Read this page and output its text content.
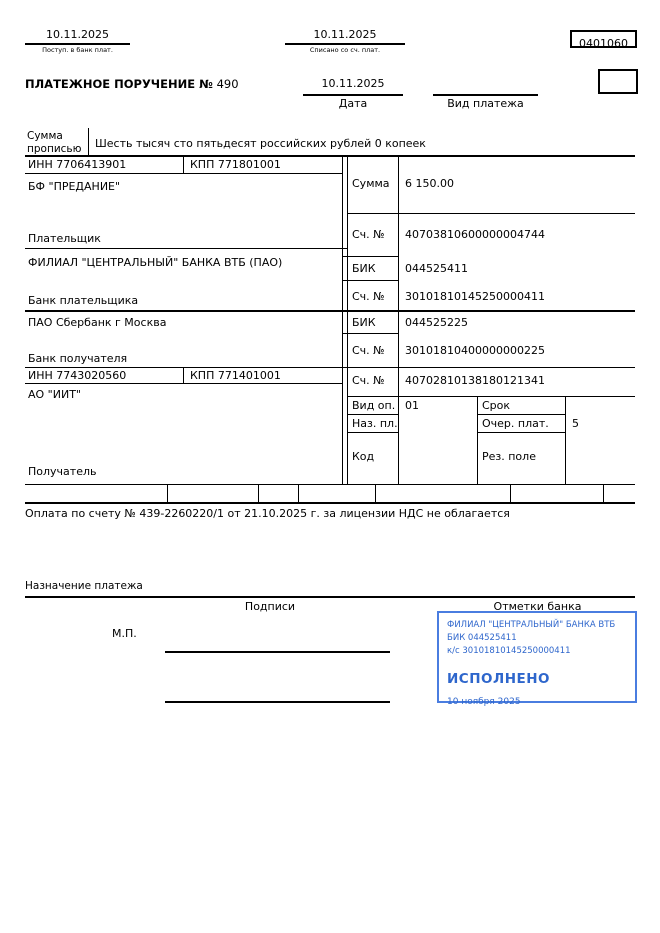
10.11.2025
Поступ. в банк плат.
10.11.2025
Списано со сч. плат.	0401060
ПЛАТЕЖНОЕ ПОРУЧЕНИЕ № 490	10.11.2025
Дата	Вид платежа
Сумма прописью	Шесть тысяч сто пятьдесят российских рублей 0 копеек
ИНН 7706413901	КПП 771801001
БФ "ПРЕДАНИЕ"
Плательщик
ФИЛИАЛ "ЦЕНТРАЛЬНЫЙ" БАНКА ВТБ (ПАО)
Банк плательщика
ПАО Сбербанк г Москва
Банк получателя
ИНН 7743020560	КПП 771401001
АО "ИИТ"
Получатель
Сумма 6 150.00
Сч. № 40703810600000004744
БИК	044525411
Сч. № 30101810145250000411
БИК	044525225
Сч. № 30101810400000000225
Сч. № 40702810138180121341
Вид оп. 01	Срок
Наз. пл.	Очер. плат. 5
Код	Рез. поле
Оплата по счету № 439-2260220/1 от 21.10.2025 г. за лицензии НДС не облагается
Назначение платежа
Подписи	Отметки банка
М.П.
ФИЛИАЛ "ЦЕНТРАЛЬНЫЙ" БАНКА ВТБ
БИК 044525411
к/с 30101810145250000411
ИСПОЛНЕНО
10 ноября 2025
